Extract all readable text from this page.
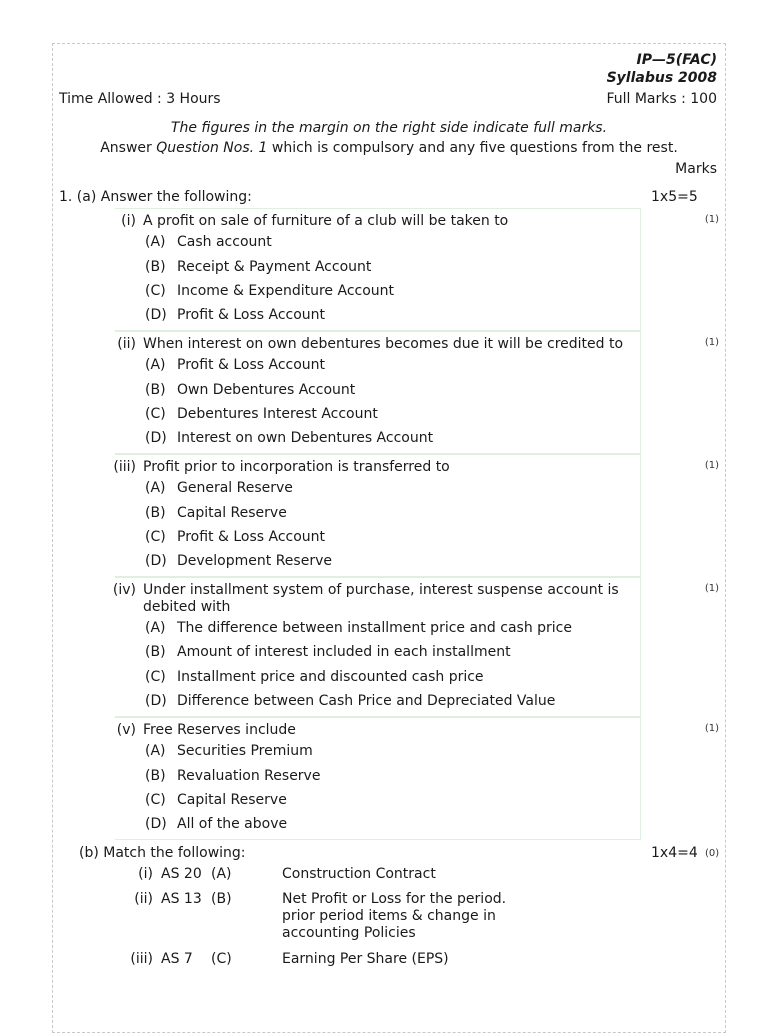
IP—5(FAC)
Syllabus 2008
Time Allowed : 3 Hours	Full Marks : 100
The figures in the margin on the right side indicate full marks.
Answer Question Nos. 1 which is compulsory and any five questions from the rest.
Marks
1. (a) Answer the following:	1x5=5
(i) A profit on sale of furniture of a club will be taken to
(A) Cash account
(B) Receipt & Payment Account
(C) Income & Expenditure Account
(D) Profit & Loss Account
(1)
(ii) When interest on own debentures becomes due it will be credited to
(A) Profit & Loss Account
(B) Own Debentures Account
(C) Debentures Interest Account
(D) Interest on own Debentures Account
(1)
(iii) Profit prior to incorporation is transferred to
(A) General Reserve
(B) Capital Reserve
(C) Profit & Loss Account
(D) Development Reserve
(1)
(iv) Under installment system of purchase, interest suspense account is debited with
(A) The difference between installment price and cash price
(B) Amount of interest included in each installment
(C) Installment price and discounted cash price
(D) Difference between Cash Price and Depreciated Value
(1)
(v) Free Reserves include
(A) Securities Premium
(B) Revaluation Reserve
(C) Capital Reserve
(D) All of the above
(1)
(b) Match the following:	1x4=4 (0)
(i) AS 20 (A)	Construction Contract
(ii) AS 13 (B)	Net Profit or Loss for the period. prior period items & change in accounting Policies
(iii) AS 7 (C)	Earning Per Share (EPS)
